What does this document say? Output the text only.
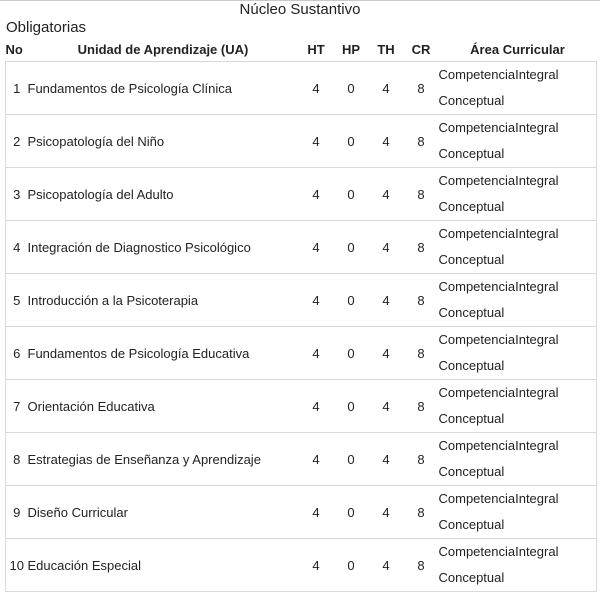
Núcleo Sustantivo
Obligatorias
No	Unidad de Aprendizaje (UA)	HT	HP	TH	CR	Área Curricular
1	Fundamentos de Psicología Clínica	4	0	4	8	CompetenciaIntegral
Conceptual

2	Psicopatología del Niño	4	0	4	8	CompetenciaIntegral
Conceptual

3	Psicopatología del Adulto	4	0	4	8	CompetenciaIntegral
Conceptual

4	Integración de Diagnostico Psicológico	4	0	4	8	CompetenciaIntegral
Conceptual

5	Introducción a la Psicoterapia	4	0	4	8	CompetenciaIntegral
Conceptual

6	Fundamentos de Psicología Educativa	4	0	4	8	CompetenciaIntegral
Conceptual

7	Orientación Educativa	4	0	4	8	CompetenciaIntegral
Conceptual

8	Estrategias de Enseñanza y Aprendizaje	4	0	4	8	CompetenciaIntegral
Conceptual

9	Diseño Curricular	4	0	4	8	CompetenciaIntegral
Conceptual

10	Educación Especial	4	0	4	8	CompetenciaIntegral
Conceptual
